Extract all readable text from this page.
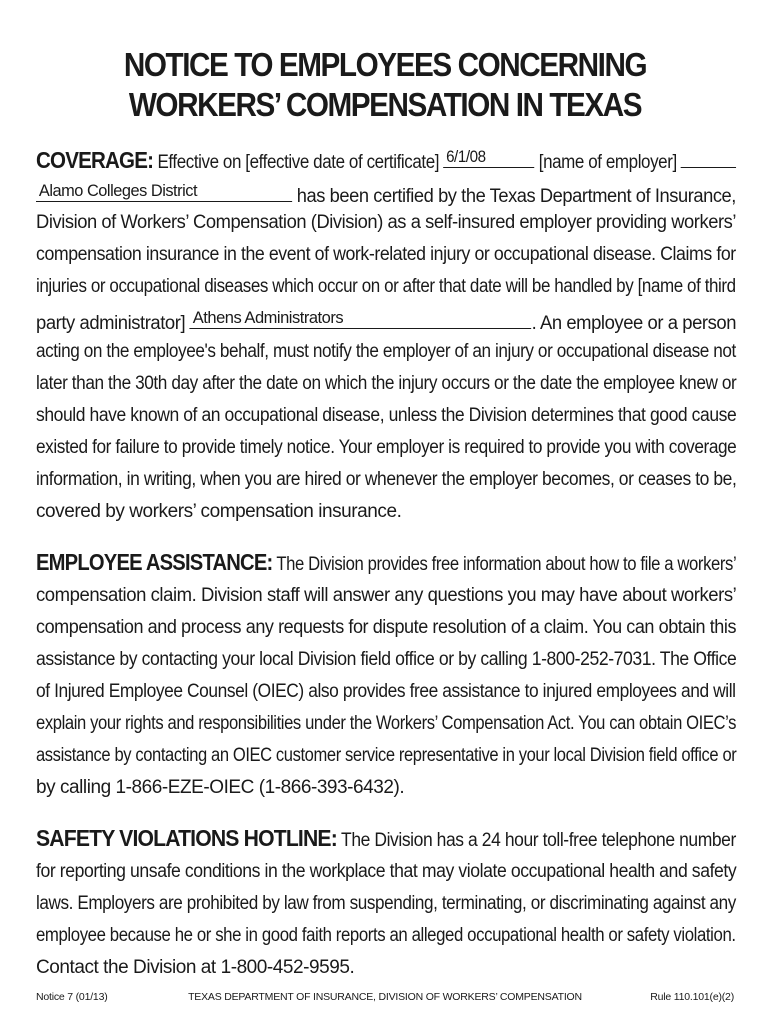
NOTICE TO EMPLOYEES CONCERNING
WORKERS’ COMPENSATION IN TEXAS
COVERAGE: Effective on [effective date of certificate] 6/1/08	[name of employer]
Alamo Colleges District	has been certified by the Texas Department of Insurance,
Division of Workers’ Compensation (Division) as a self-insured employer providing workers’
compensation insurance in the event of work-related injury or occupational disease. Claims for
injuries or occupational diseases which occur on or after that date will be handled by [name of third
party administrator] Athens Administrators	. An employee or a person
acting on the employee's behalf, must notify the employer of an injury or occupational disease not
later than the 30th day after the date on which the injury occurs or the date the employee knew or
should have known of an occupational disease, unless the Division determines that good cause
existed for failure to provide timely notice. Your employer is required to provide you with coverage
information, in writing, when you are hired or whenever the employer becomes, or ceases to be,
covered by workers’ compensation insurance.
EMPLOYEE ASSISTANCE: The Division provides free information about how to file a workers’
compensation claim. Division staff will answer any questions you may have about workers’
compensation and process any requests for dispute resolution of a claim. You can obtain this
assistance by contacting your local Division field office or by calling 1-800-252-7031. The Office
of Injured Employee Counsel (OIEC) also provides free assistance to injured employees and will
explain your rights and responsibilities under the Workers’ Compensation Act. You can obtain OIEC’s
assistance by contacting an OIEC customer service representative in your local Division field office or
by calling 1-866-EZE-OIEC (1-866-393-6432).
SAFETY VIOLATIONS HOTLINE: The Division has a 24 hour toll-free telephone number
for reporting unsafe conditions in the workplace that may violate occupational health and safety
laws. Employers are prohibited by law from suspending, terminating, or discriminating against any
employee because he or she in good faith reports an alleged occupational health or safety violation.
Contact the Division at 1-800-452-9595.
Notice 7 (01/13)	TEXAS DEPARTMENT OF INSURANCE, DIVISION OF WORKERS’ COMPENSATION	Rule 110.101(e)(2)
